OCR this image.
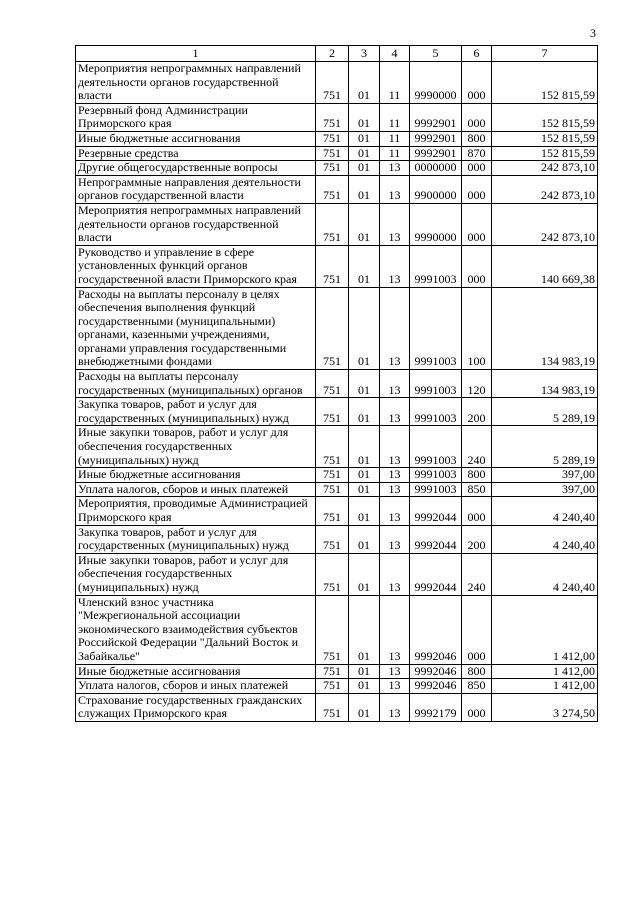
3
1	2	3	4	5	6	7
Мероприятия непрограммных направлений деятельности органов государственной власти	751	01	11	9990000	000	152 815,59
Резервный фонд Администрации Приморского края	751	01	11	9992901	000	152 815,59
Иные бюджетные ассигнования	751	01	11	9992901	800	152 815,59
Резервные средства	751	01	11	9992901	870	152 815,59
Другие общегосударственные вопросы	751	01	13	0000000	000	242 873,10
Непрограммные направления деятельности органов государственной власти	751	01	13	9900000	000	242 873,10
Мероприятия непрограммных направлений деятельности органов государственной власти	751	01	13	9990000	000	242 873,10
Руководство и управление в сфере установленных функций органов государственной власти Приморского края	751	01	13	9991003	000	140 669,38
Расходы на выплаты персоналу в целях обеспечения выполнения функций государственными (муниципальными) органами, казенными учреждениями, органами управления государственными внебюджетными фондами	751	01	13	9991003	100	134 983,19
Расходы на выплаты персоналу государственных (муниципальных) органов	751	01	13	9991003	120	134 983,19
Закупка товаров, работ и услуг для государственных (муниципальных) нужд	751	01	13	9991003	200	5 289,19
Иные закупки товаров, работ и услуг для обеспечения государственных (муниципальных) нужд	751	01	13	9991003	240	5 289,19
Иные бюджетные ассигнования	751	01	13	9991003	800	397,00
Уплата налогов, сборов и иных платежей	751	01	13	9991003	850	397,00
Мероприятия, проводимые Администрацией Приморского края	751	01	13	9992044	000	4 240,40
Закупка товаров, работ и услуг для государственных (муниципальных) нужд	751	01	13	9992044	200	4 240,40
Иные закупки товаров, работ и услуг для обеспечения государственных (муниципальных) нужд	751	01	13	9992044	240	4 240,40
Членский взнос участника "Межрегиональной ассоциации экономического взаимодействия субъектов Российской Федерации "Дальний Восток и Забайкалье"	751	01	13	9992046	000	1 412,00
Иные бюджетные ассигнования	751	01	13	9992046	800	1 412,00
Уплата налогов, сборов и иных платежей	751	01	13	9992046	850	1 412,00
Страхование государственных гражданских служащих Приморского края	751	01	13	9992179	000	3 274,50
